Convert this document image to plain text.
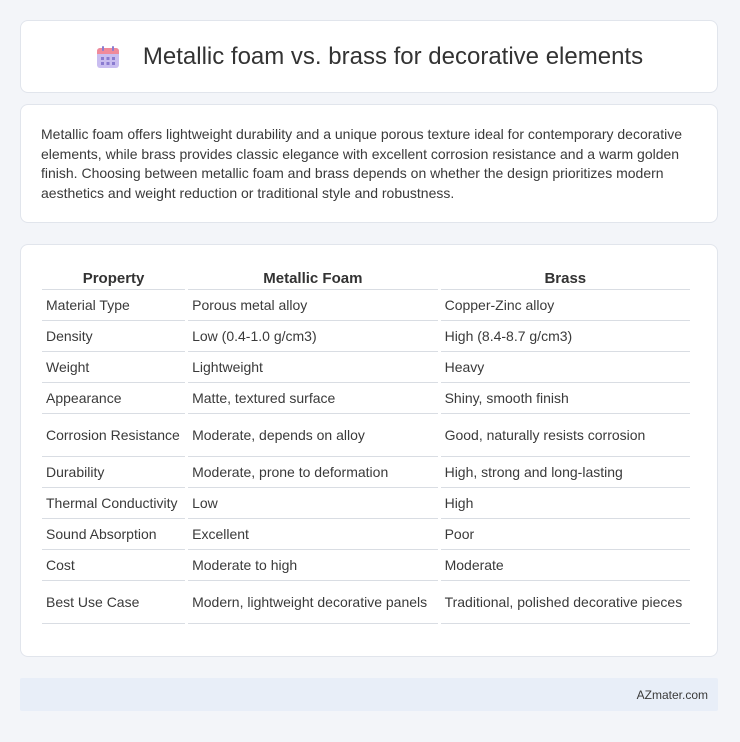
Metallic foam vs. brass for decorative elements

Metallic foam offers lightweight durability and a unique porous texture ideal for contemporary decorative elements, while brass provides classic elegance with excellent corrosion resistance and a warm golden finish. Choosing between metallic foam and brass depends on whether the design prioritizes modern aesthetics and weight reduction or traditional style and robustness.

Property	Metallic Foam	Brass
Material Type	Porous metal alloy	Copper-Zinc alloy
Density	Low (0.4-1.0 g/cm3)	High (8.4-8.7 g/cm3)
Weight	Lightweight	Heavy
Appearance	Matte, textured surface	Shiny, smooth finish
Corrosion Resistance	Moderate, depends on alloy	Good, naturally resists corrosion
Durability	Moderate, prone to deformation	High, strong and long-lasting
Thermal Conductivity	Low	High
Sound Absorption	Excellent	Poor
Cost	Moderate to high	Moderate
Best Use Case	Modern, lightweight decorative panels	Traditional, polished decorative pieces
AZmater.com
